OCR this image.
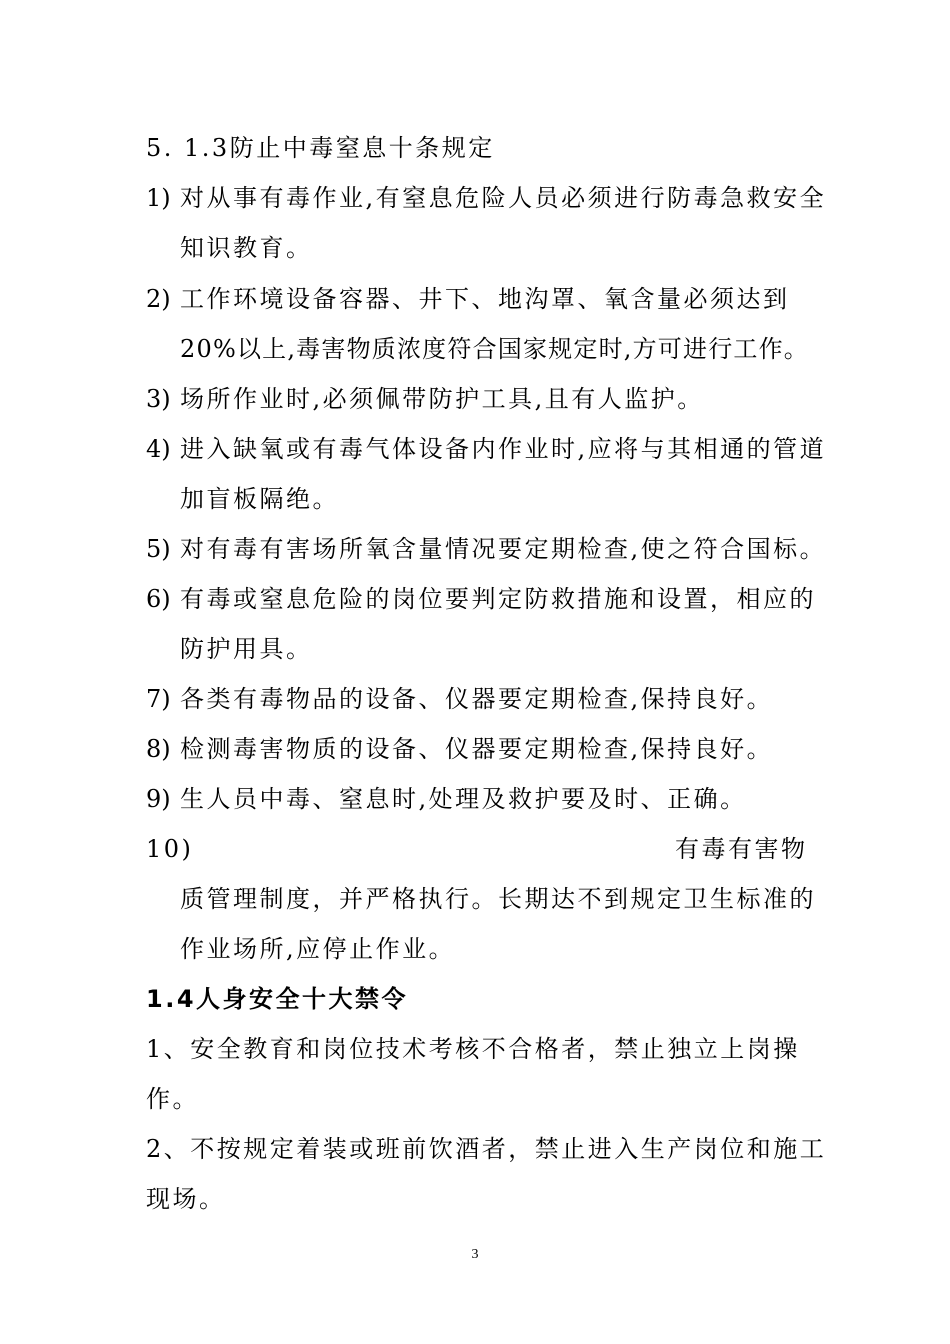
5. 1.3防止中毒窒息十条规定
1) 对从事有毒作业,有窒息危险人员必须进行防毒急救安全
知识教育。
2) 工作环境设备容器、井下、地沟罩、氧含量必须达到
20%以上,毒害物质浓度符合国家规定时,方可进行工作。
3) 场所作业时,必须佩带防护工具,且有人监护。
4) 进入缺氧或有毒气体设备内作业时,应将与其相通的管道
加盲板隔绝。
5) 对有毒有害场所氧含量情况要定期检查,使之符合国标。
6) 有毒或窒息危险的岗位要判定防救措施和设置，相应的
防护用具。
7) 各类有毒物品的设备、仪器要定期检查,保持良好。
8) 检测毒害物质的设备、仪器要定期检查,保持良好。
9) 生人员中毒、窒息时,处理及救护要及时、正确。
10)	有毒有害物
质管理制度，并严格执行。长期达不到规定卫生标准的
作业场所,应停止作业。
1.4人身安全十大禁令
1、安全教育和岗位技术考核不合格者，禁止独立上岗操
作。
2、不按规定着装或班前饮酒者，禁止进入生产岗位和施工
现场。
3
